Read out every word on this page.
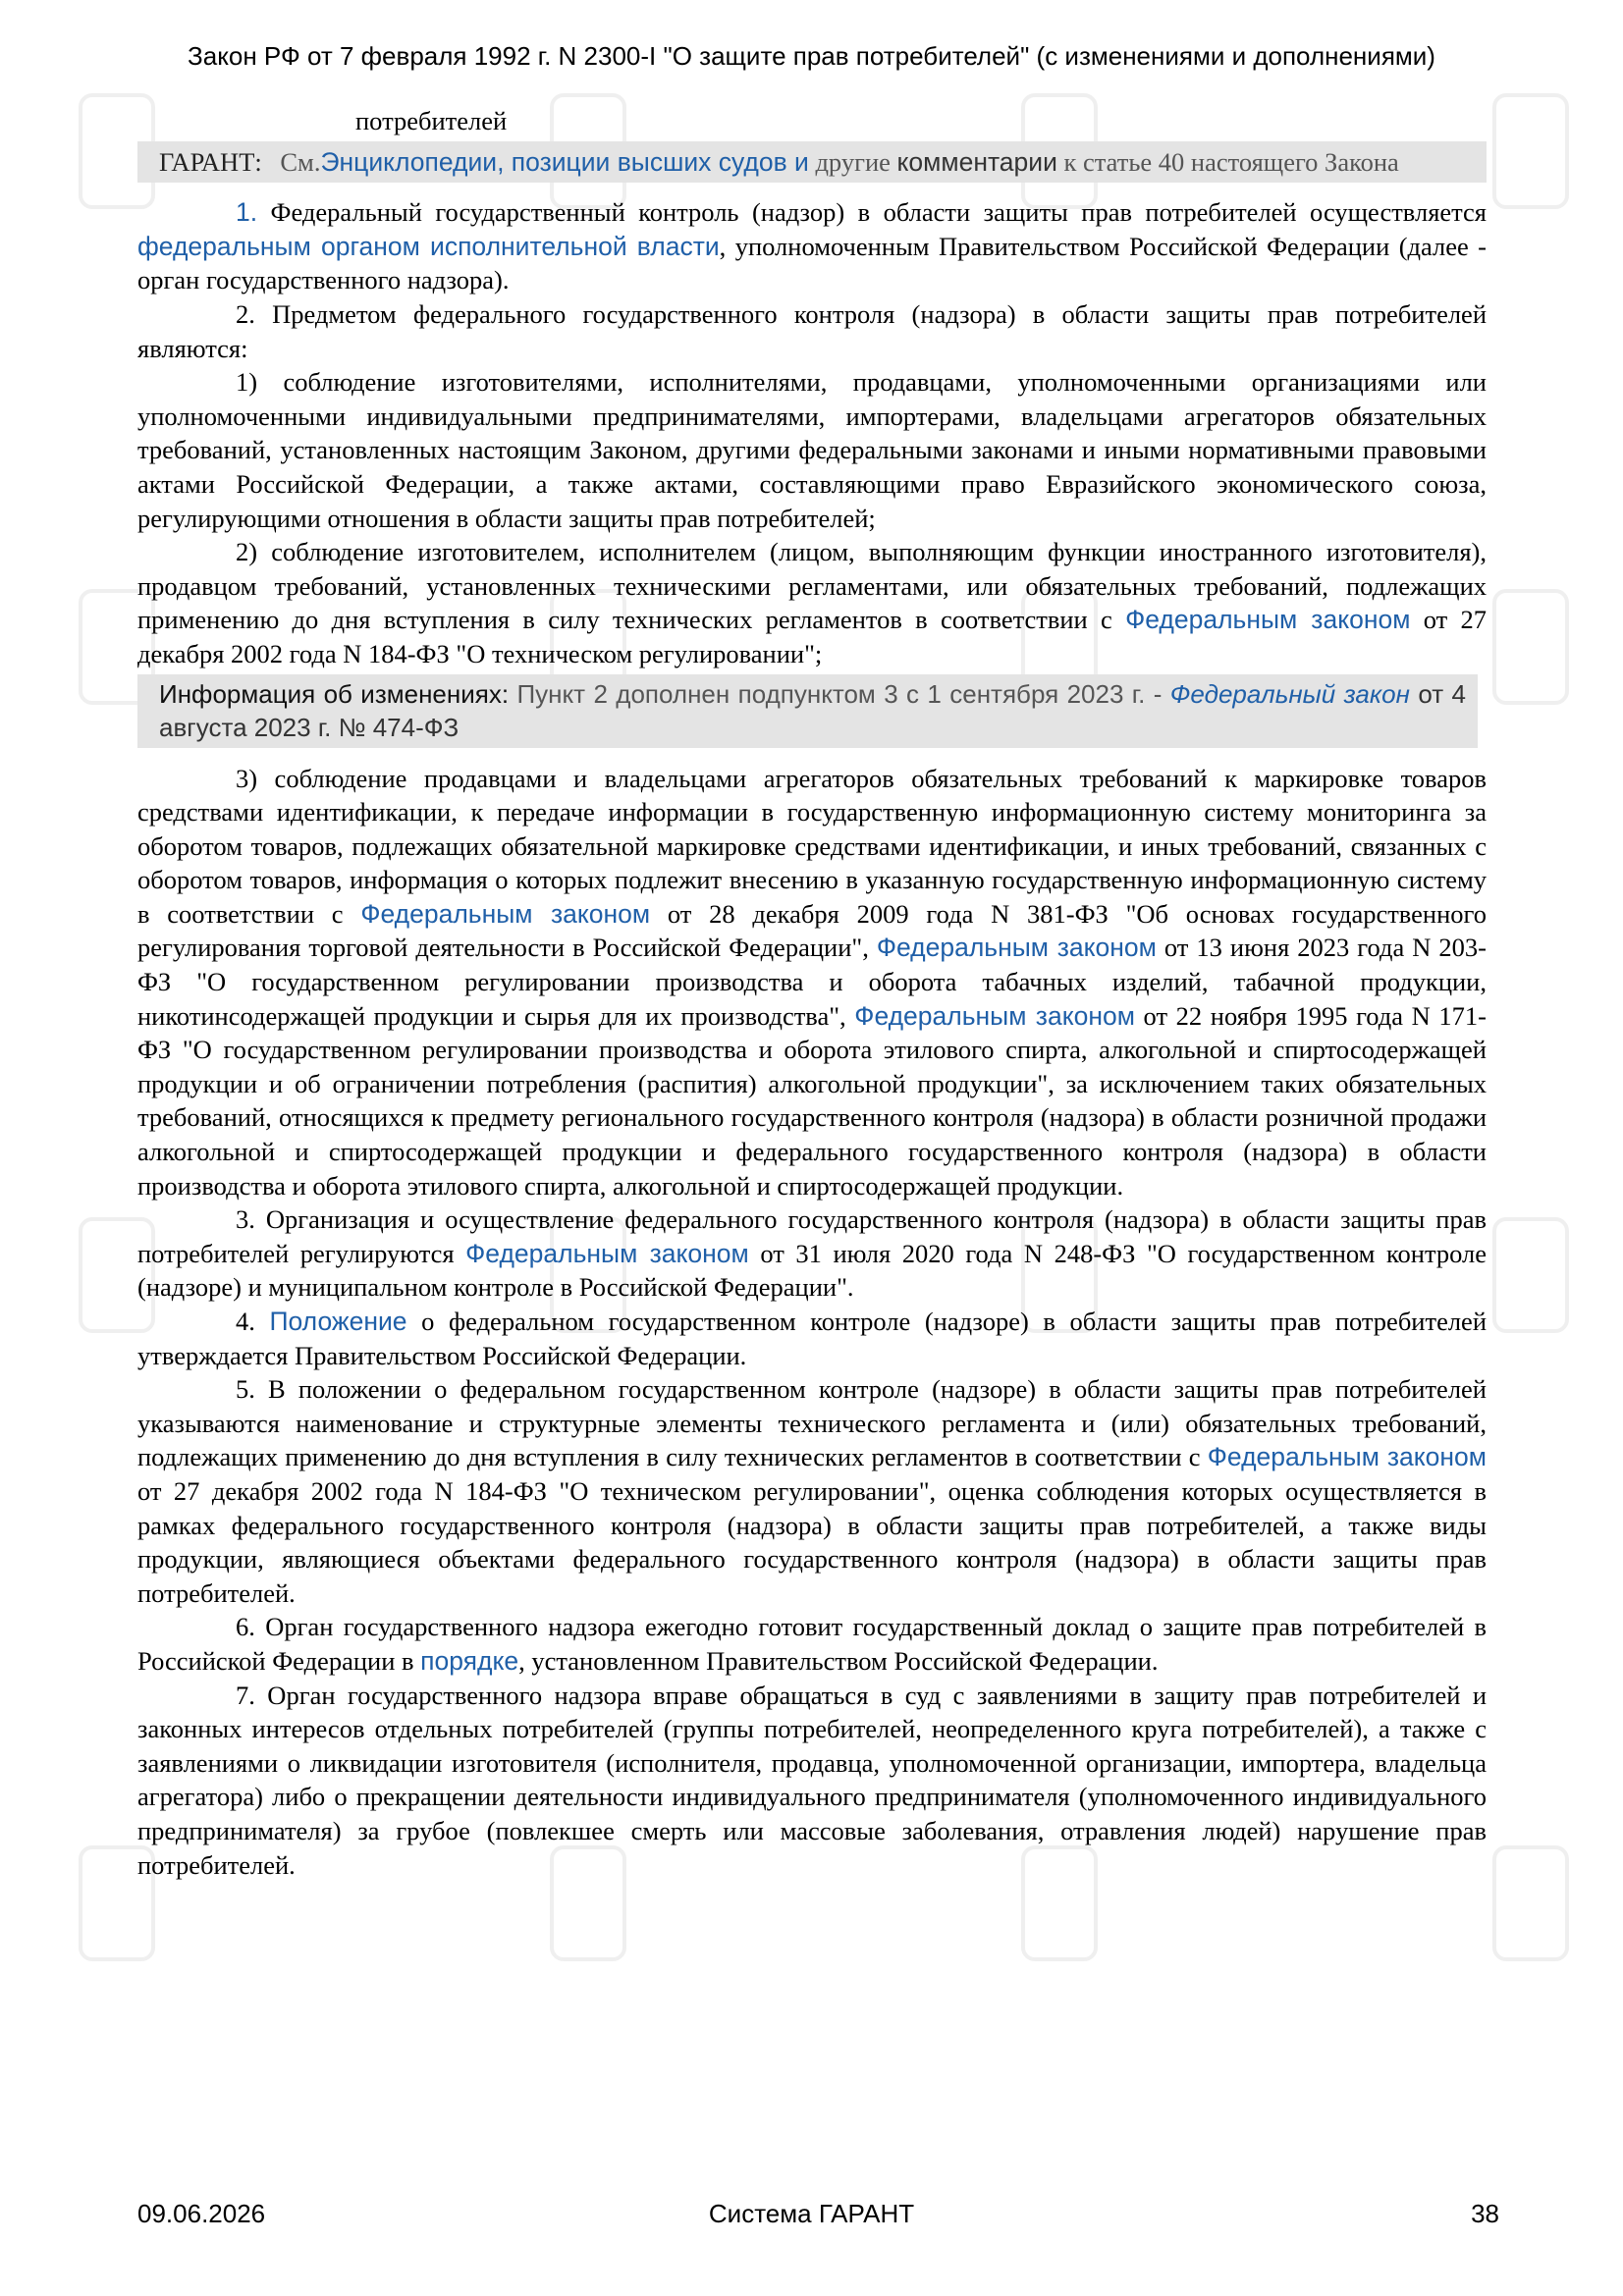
Закон РФ от 7 февраля 1992 г. N 2300-I "О защите прав потребителей" (с изменениями и дополнениями)

потребителей

ГАРАНТ: См.Энциклопедии, позиции высших судов и другие комментарии к статье 40 настоящего Закона

1. Федеральный государственный контроль (надзор) в области защиты прав потребителей осуществляется федеральным органом исполнительной власти, уполномоченным Правительством Российской Федерации (далее - орган государственного надзора).

2. Предметом федерального государственного контроля (надзора) в области защиты прав потребителей являются:

1) соблюдение изготовителями, исполнителями, продавцами, уполномоченными организациями или уполномоченными индивидуальными предпринимателями, импортерами, владельцами агрегаторов обязательных требований, установленных настоящим Законом, другими федеральными законами и иными нормативными правовыми актами Российской Федерации, а также актами, составляющими право Евразийского экономического союза, регулирующими отношения в области защиты прав потребителей;

2) соблюдение изготовителем, исполнителем (лицом, выполняющим функции иностранного изготовителя), продавцом требований, установленных техническими регламентами, или обязательных требований, подлежащих применению до дня вступления в силу технических регламентов в соответствии с Федеральным законом от 27 декабря 2002 года N 184-ФЗ "О техническом регулировании";

Информация об изменениях: Пункт 2 дополнен подпунктом 3 с 1 сентября 2023 г. - Федеральный закон от 4 августа 2023 г. № 474-ФЗ

3) соблюдение продавцами и владельцами агрегаторов обязательных требований к маркировке товаров средствами идентификации, к передаче информации в государственную информационную систему мониторинга за оборотом товаров, подлежащих обязательной маркировке средствами идентификации, и иных требований, связанных с оборотом товаров, информация о которых подлежит внесению в указанную государственную информационную систему в соответствии с Федеральным законом от 28 декабря 2009 года N 381-ФЗ "Об основах государственного регулирования торговой деятельности в Российской Федерации", Федеральным законом от 13 июня 2023 года N 203-ФЗ "О государственном регулировании производства и оборота табачных изделий, табачной продукции, никотинсодержащей продукции и сырья для их производства", Федеральным законом от 22 ноября 1995 года N 171-ФЗ "О государственном регулировании производства и оборота этилового спирта, алкогольной и спиртосодержащей продукции и об ограничении потребления (распития) алкогольной продукции", за исключением таких обязательных требований, относящихся к предмету регионального государственного контроля (надзора) в области розничной продажи алкогольной и спиртосодержащей продукции и федерального государственного контроля (надзора) в области производства и оборота этилового спирта, алкогольной и спиртосодержащей продукции.

3. Организация и осуществление федерального государственного контроля (надзора) в области защиты прав потребителей регулируются Федеральным законом от 31 июля 2020 года N 248-ФЗ "О государственном контроле (надзоре) и муниципальном контроле в Российской Федерации".

4. Положение о федеральном государственном контроле (надзоре) в области защиты прав потребителей утверждается Правительством Российской Федерации.

5. В положении о федеральном государственном контроле (надзоре) в области защиты прав потребителей указываются наименование и структурные элементы технического регламента и (или) обязательных требований, подлежащих применению до дня вступления в силу технических регламентов в соответствии с Федеральным законом от 27 декабря 2002 года N 184-ФЗ "О техническом регулировании", оценка соблюдения которых осуществляется в рамках федерального государственного контроля (надзора) в области защиты прав потребителей, а также виды продукции, являющиеся объектами федерального государственного контроля (надзора) в области защиты прав потребителей.

6. Орган государственного надзора ежегодно готовит государственный доклад о защите прав потребителей в Российской Федерации в порядке, установленном Правительством Российской Федерации.

7. Орган государственного надзора вправе обращаться в суд с заявлениями в защиту прав потребителей и законных интересов отдельных потребителей (группы потребителей, неопределенного круга потребителей), а также с заявлениями о ликвидации изготовителя (исполнителя, продавца, уполномоченной организации, импортера, владельца агрегатора) либо о прекращении деятельности индивидуального предпринимателя (уполномоченного индивидуального предпринимателя) за грубое (повлекшее смерть или массовые заболевания, отравления людей) нарушение прав потребителей.

09.06.2026	Система ГАРАНТ	38
